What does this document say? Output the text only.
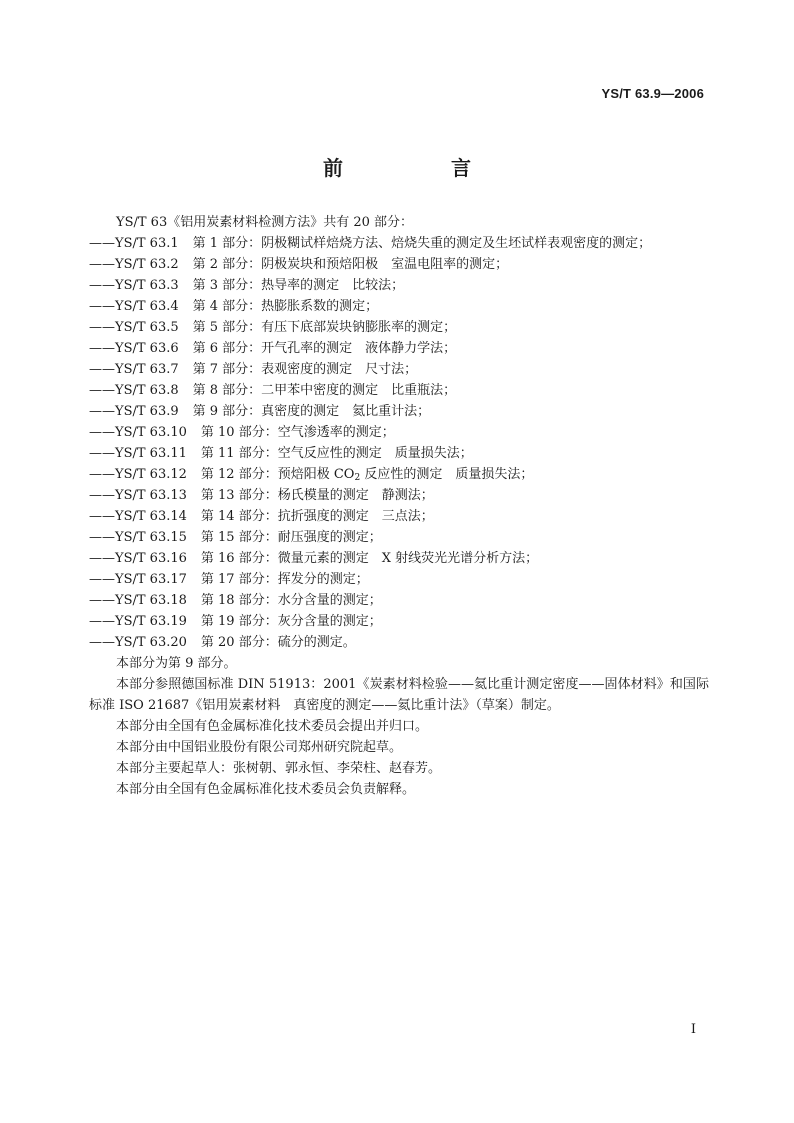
YS/T 63.9—2006
前　言
YS/T 63《铝用炭素材料检测方法》共有 20 部分：
——YS/T 63.1 第 1 部分：阴极糊试样焙烧方法、焙烧失重的测定及生坯试样表观密度的测定；
——YS/T 63.2 第 2 部分：阴极炭块和预焙阳极　室温电阻率的测定；
——YS/T 63.3 第 3 部分：热导率的测定　比较法；
——YS/T 63.4 第 4 部分：热膨胀系数的测定；
——YS/T 63.5 第 5 部分：有压下底部炭块钠膨胀率的测定；
——YS/T 63.6 第 6 部分：开气孔率的测定　液体静力学法；
——YS/T 63.7 第 7 部分：表观密度的测定　尺寸法；
——YS/T 63.8 第 8 部分：二甲苯中密度的测定　比重瓶法；
——YS/T 63.9 第 9 部分：真密度的测定　氦比重计法；
——YS/T 63.10 第 10 部分：空气渗透率的测定；
——YS/T 63.11 第 11 部分：空气反应性的测定　质量损失法；
——YS/T 63.12 第 12 部分：预焙阳极 $CO_2$ 反应性的测定　质量损失法；
——YS/T 63.13 第 13 部分：杨氏模量的测定　静测法；
——YS/T 63.14 第 14 部分：抗折强度的测定　三点法；
——YS/T 63.15 第 15 部分：耐压强度的测定；
——YS/T 63.16 第 16 部分：微量元素的测定　X 射线荧光光谱分析方法；
——YS/T 63.17 第 17 部分：挥发分的测定；
——YS/T 63.18 第 18 部分：水分含量的测定；
——YS/T 63.19 第 19 部分：灰分含量的测定；
——YS/T 63.20 第 20 部分：硫分的测定。
本部分为第 9 部分。
本部分参照德国标准 DIN 51913：2001《炭素材料检验——氦比重计测定密度——固体材料》和国际标准 ISO 21687《铝用炭素材料　真密度的测定——氦比重计法》（草案）制定。
本部分由全国有色金属标准化技术委员会提出并归口。
本部分由中国铝业股份有限公司郑州研究院起草。
本部分主要起草人：张树朝、郭永恒、李荣柱、赵春芳。
本部分由全国有色金属标准化技术委员会负责解释。
I
